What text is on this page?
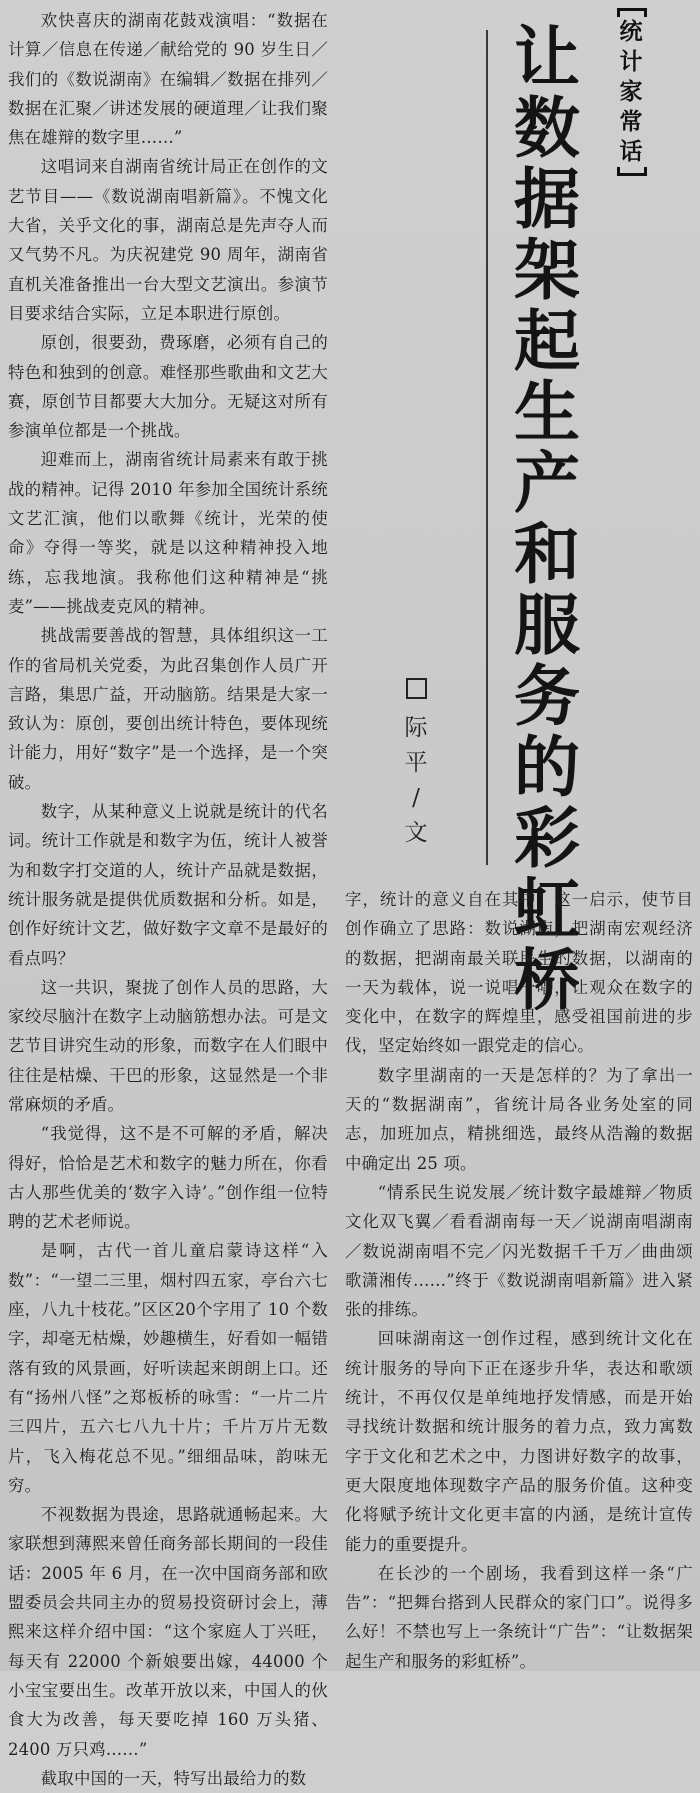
欢快喜庆的湖南花鼓戏演唱：“数据在计算／信息在传递／献给党的 90 岁生日／我们的《数说湖南》在编辑／数据在排列／数据在汇聚／讲述发展的硬道理／让我们聚焦在雄辩的数字里……”

这唱词来自湖南省统计局正在创作的文艺节目——《数说湖南唱新篇》。不愧文化大省，关乎文化的事，湖南总是先声夺人而又气势不凡。为庆祝建党 90 周年，湖南省直机关准备推出一台大型文艺演出。参演节目要求结合实际，立足本职进行原创。

原创，很要劲，费琢磨，必须有自己的特色和独到的创意。难怪那些歌曲和文艺大赛，原创节目都要大大加分。无疑这对所有参演单位都是一个挑战。

迎难而上，湖南省统计局素来有敢于挑战的精神。记得 2010 年参加全国统计系统文艺汇演，他们以歌舞《统计，光荣的使命》夺得一等奖，就是以这种精神投入地练，忘我地演。我称他们这种精神是“挑麦”——挑战麦克风的精神。

挑战需要善战的智慧，具体组织这一工作的省局机关党委，为此召集创作人员广开言路，集思广益，开动脑筋。结果是大家一致认为：原创，要创出统计特色，要体现统计能力，用好“数字”是一个选择，是一个突破。

数字，从某种意义上说就是统计的代名词。统计工作就是和数字为伍，统计人被誉为和数字打交道的人，统计产品就是数据，统计服务就是提供优质数据和分析。如是，创作好统计文艺，做好数字文章不是最好的看点吗？

这一共识，聚拢了创作人员的思路，大家绞尽脑汁在数字上动脑筋想办法。可是文艺节目讲究生动的形象，而数字在人们眼中往往是枯燥、干巴的形象，这显然是一个非常麻烦的矛盾。

“我觉得，这不是不可解的矛盾，解决得好，恰恰是艺术和数字的魅力所在，你看古人那些优美的‘数字入诗’。”创作组一位特聘的艺术老师说。

是啊，古代一首儿童启蒙诗这样“入数”：“一望二三里，烟村四五家，亭台六七座，八九十枝花。”区区20个字用了 10 个数字，却毫无枯燥，妙趣横生，好看如一幅错落有致的风景画，好听读起来朗朗上口。还有“扬州八怪”之郑板桥的咏雪：“一片二片三四片，五六七八九十片；千片万片无数片，飞入梅花总不见。”细细品味，韵味无穷。

不视数据为畏途，思路就通畅起来。大家联想到薄熙来曾任商务部长期间的一段佳话：2005 年 6 月，在一次中国商务部和欧盟委员会共同主办的贸易投资研讨会上，薄熙来这样介绍中国：“这个家庭人丁兴旺，每天有 22000 个新娘要出嫁，44000 个小宝宝要出生。改革开放以来，中国人的伙食大为改善，每天要吃掉 160 万头猪、2400 万只鸡……”

截取中国的一天，特写出最给力的数

统
计
家
常
话
让
数
据
架
起
生
产
和
服
务
的
彩
虹
桥
际
平
/
文

字，统计的意义自在其中。这一启示，使节目创作确立了思路：数说湖南，把湖南宏观经济的数据，把湖南最关联民生的数据，以湖南的一天为载体，说一说唱一唱，让观众在数字的变化中，在数字的辉煌里，感受祖国前进的步伐，坚定始终如一跟党走的信心。

数字里湖南的一天是怎样的？为了拿出一天的“数据湖南”，省统计局各业务处室的同志，加班加点，精挑细选，最终从浩瀚的数据中确定出 25 项。

“情系民生说发展／统计数字最雄辩／物质文化双飞翼／看看湖南每一天／说湖南唱湖南／数说湖南唱不完／闪光数据千千万／曲曲颂歌潇湘传……”终于《数说湖南唱新篇》进入紧张的排练。

回味湖南这一创作过程，感到统计文化在统计服务的导向下正在逐步升华，表达和歌颂统计，不再仅仅是单纯地抒发情感，而是开始寻找统计数据和统计服务的着力点，致力寓数字于文化和艺术之中，力图讲好数字的故事，更大限度地体现数字产品的服务价值。这种变化将赋予统计文化更丰富的内涵，是统计宣传能力的重要提升。

在长沙的一个剧场，我看到这样一条“广告”：“把舞台搭到人民群众的家门口”。说得多么好！不禁也写上一条统计“广告”：“让数据架起生产和服务的彩虹桥”。
